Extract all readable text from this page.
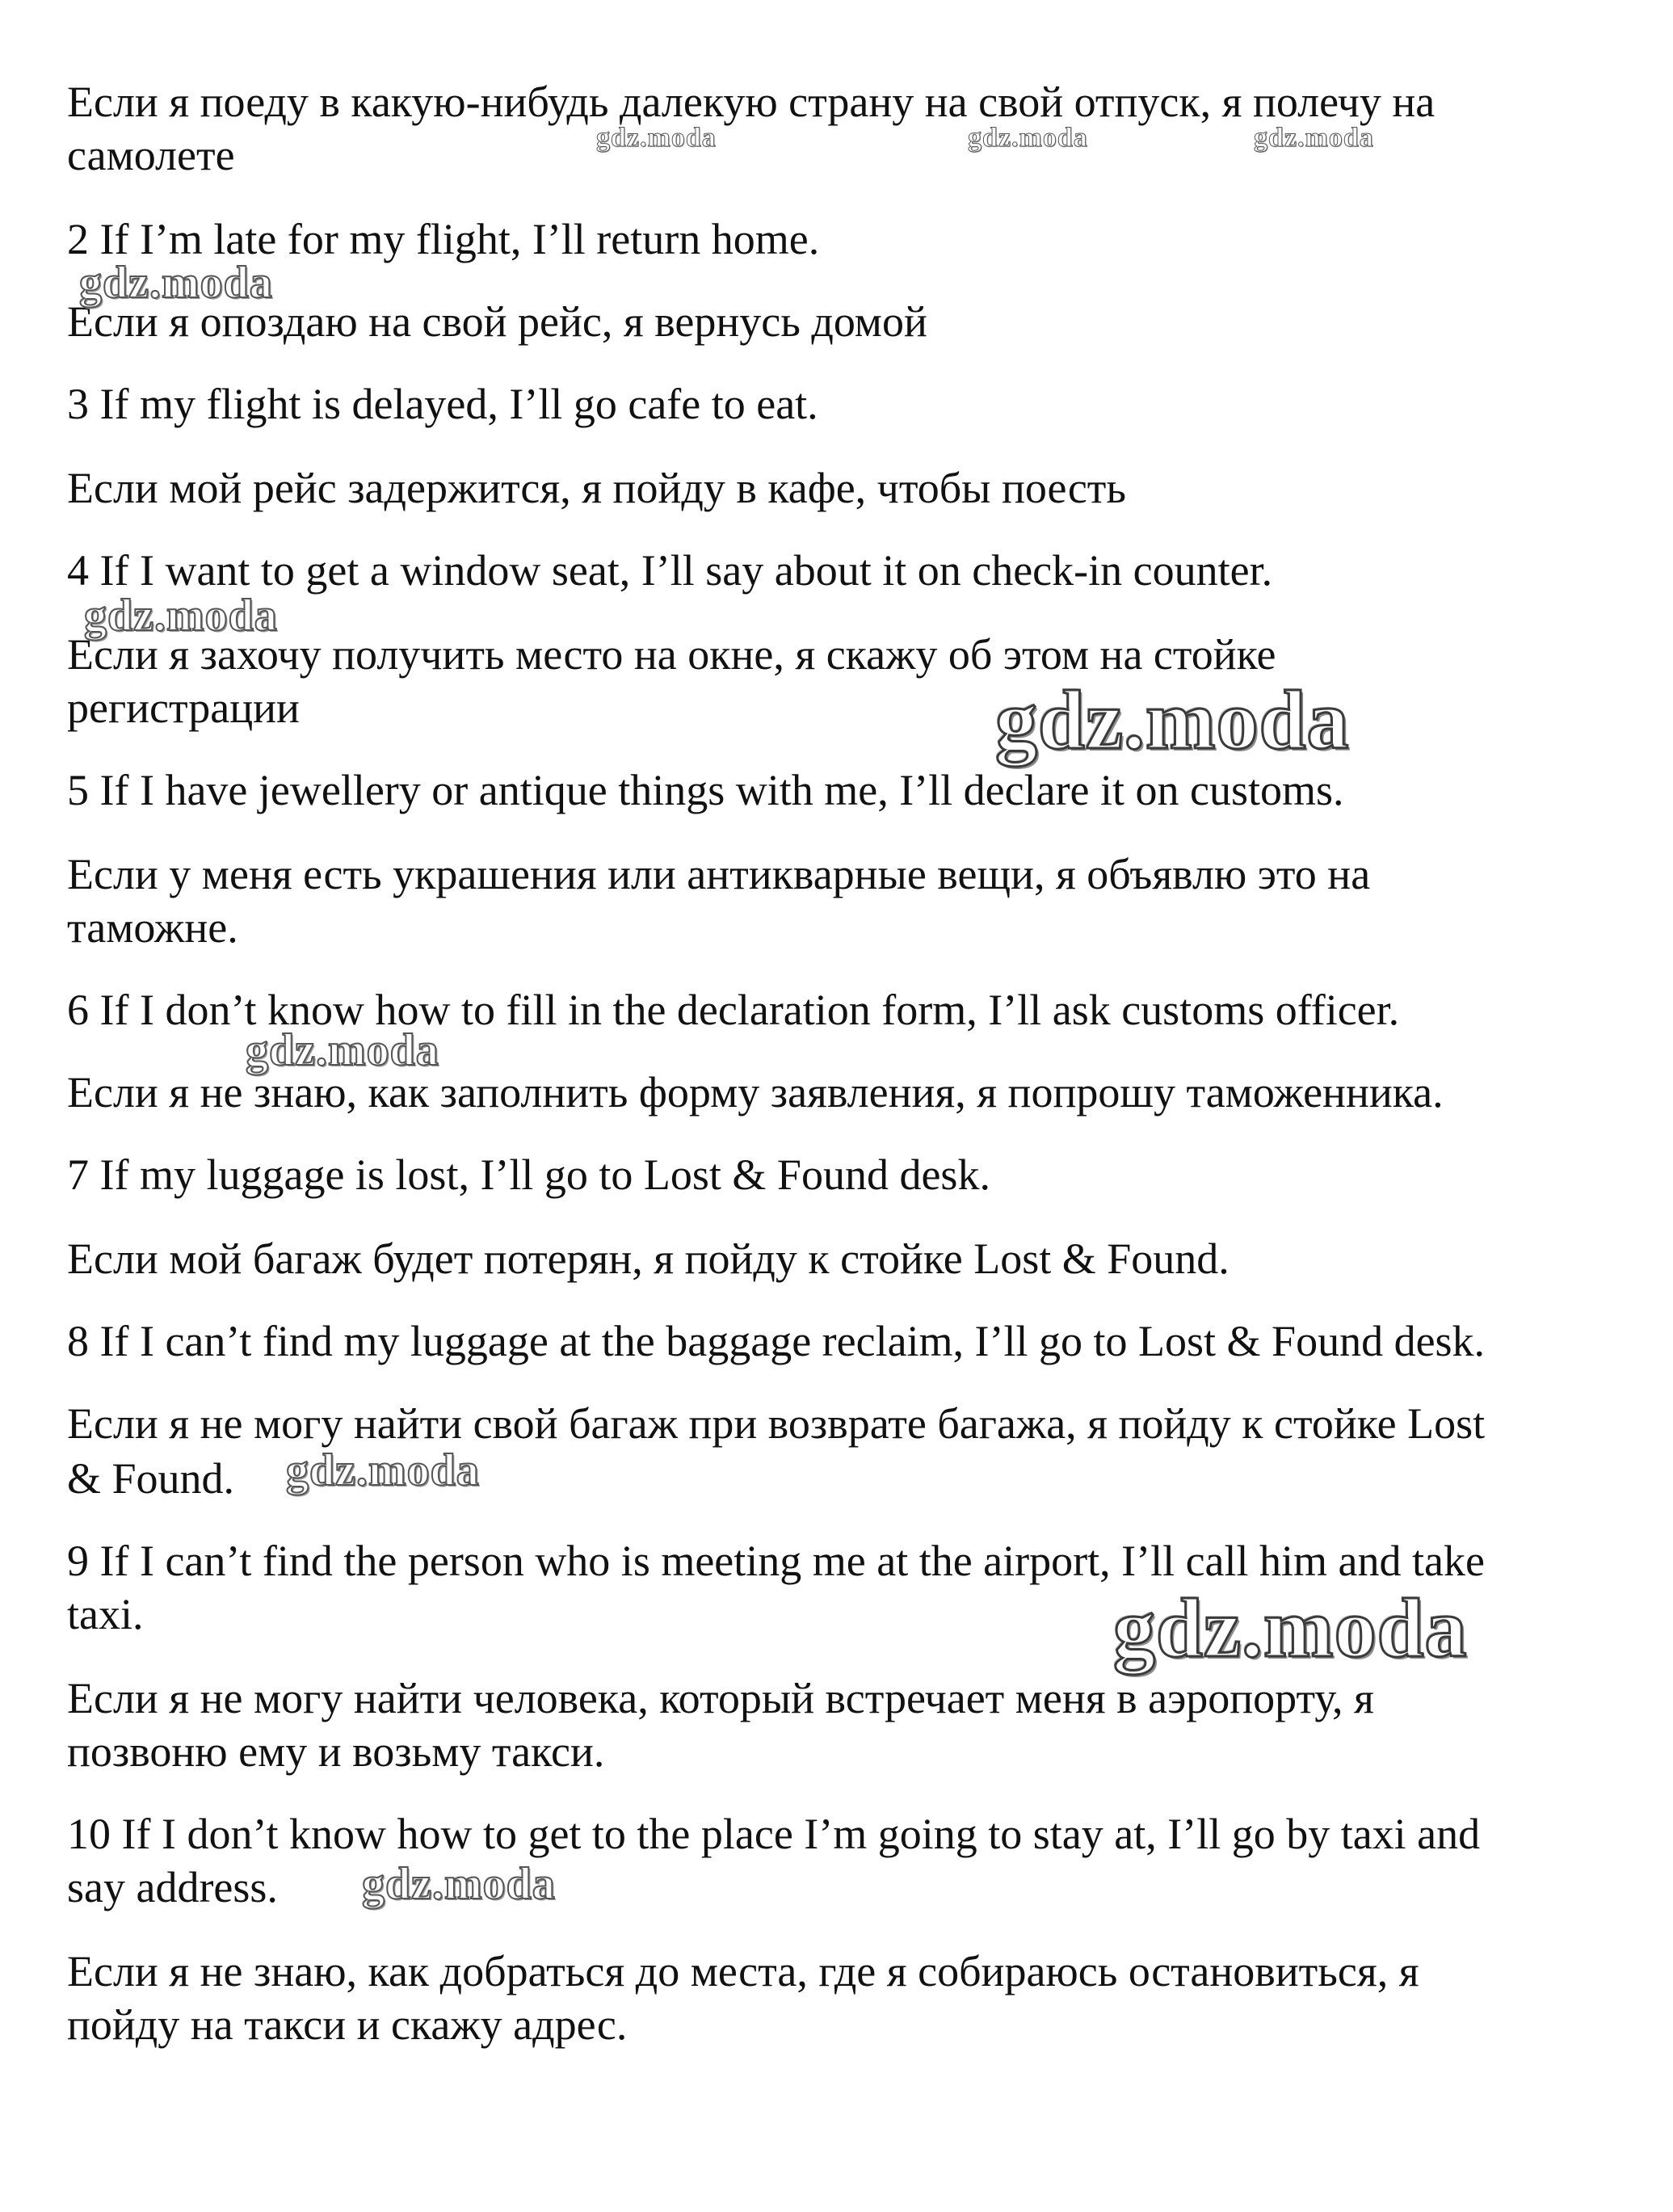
Если я поеду в какую-нибудь далекую страну на свой отпуск, я полечу на
самолете
2 If I’m late for my flight, I’ll return home.
Если я опоздаю на свой рейс, я вернусь домой
3 If my flight is delayed, I’ll go cafe to eat.
Если мой рейс задержится, я пойду в кафе, чтобы поесть
4 If I want to get a window seat, I’ll say about it on check-in counter.
Если я захочу получить место на окне, я скажу об этом на стойке
регистрации
5 If I have jewellery or antique things with me, I’ll declare it on customs.
Если у меня есть украшения или антикварные вещи, я объявлю это на
таможне.
6 If I don’t know how to fill in the declaration form, I’ll ask customs officer.
Если я не знаю, как заполнить форму заявления, я попрошу таможенника.
7 If my luggage is lost, I’ll go to Lost & Found desk.
Если мой багаж будет потерян, я пойду к стойке Lost & Found.
8 If I can’t find my luggage at the baggage reclaim, I’ll go to Lost & Found desk.
Если я не могу найти свой багаж при возврате багажа, я пойду к стойке Lost
& Found.
9 If I can’t find the person who is meeting me at the airport, I’ll call him and take
taxi.
Если я не могу найти человека, который встречает меня в аэропорту, я
позвоню ему и возьму такси.
10 If I don’t know how to get to the place I’m going to stay at, I’ll go by taxi and
say address.
Если я не знаю, как добраться до места, где я собираюсь остановиться, я
пойду на такси и скажу адрес.
gdz.moda	gdz.moda	gdz.moda
gdz.moda
gdz.moda
gdz.moda
gdz.moda
gdz.moda
gdz.moda
gdz.moda
